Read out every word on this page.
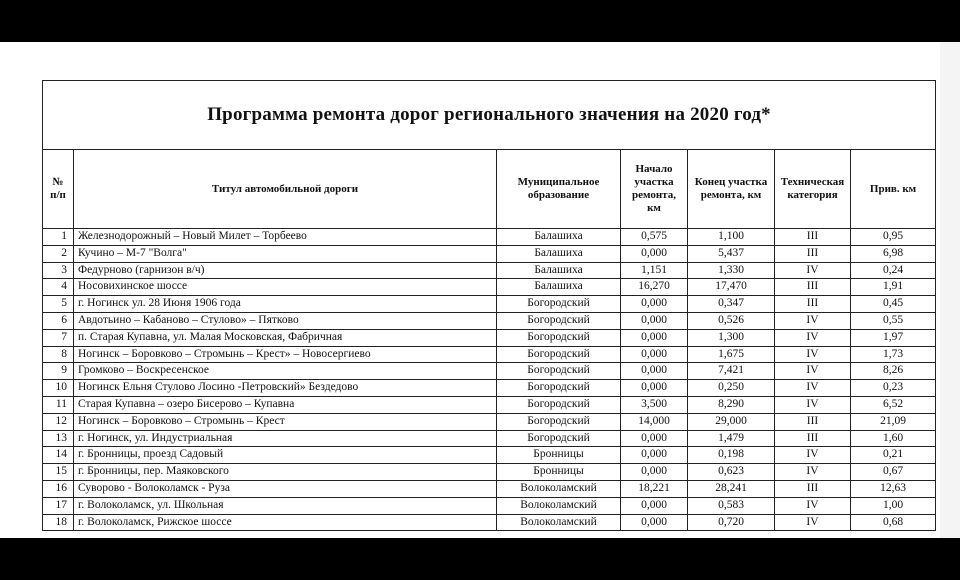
Программа ремонта дорог регионального значения на 2020 год*						
№ п/п	Титул автомобильной дороги	Муниципальное образование	Начало участка ремонта, км	Конец участка ремонта, км	Техническая категория	Прив. км
1	Железнодорожный – Новый Милет – Торбеево	Балашиха	0,575	1,100	III	0,95
2	Кучино – М-7 "Волга"	Балашиха	0,000	5,437	III	6,98
3	Федурново (гарнизон в/ч)	Балашиха	1,151	1,330	IV	0,24
4	Носовихинское шоссе	Балашиха	16,270	17,470	III	1,91
5	г. Ногинск ул. 28 Июня 1906 года	Богородский	0,000	0,347	III	0,45
6	Авдотьино – Кабаново – Стулово» – Пятково	Богородский	0,000	0,526	IV	0,55
7	п. Старая Купавна, ул. Малая Московская, Фабричная	Богородский	0,000	1,300	IV	1,97
8	Ногинск – Боровково – Стромынь – Крест» – Новосергиево	Богородский	0,000	1,675	IV	1,73
9	Громково – Воскресенское	Богородский	0,000	7,421	IV	8,26
10	Ногинск Ельня Стулово Лосино -Петровский» Бездедово	Богородский	0,000	0,250	IV	0,23
11	Старая Купавна – озеро Бисерово – Купавна	Богородский	3,500	8,290	IV	6,52
12	Ногинск – Боровково – Стромынь – Крест	Богородский	14,000	29,000	III	21,09
13	г. Ногинск, ул. Индустриальная	Богородский	0,000	1,479	III	1,60
14	г. Бронницы, проезд Садовый	Бронницы	0,000	0,198	IV	0,21
15	г. Бронницы, пер. Маяковского	Бронницы	0,000	0,623	IV	0,67
16	Суворово - Волоколамск - Руза	Волоколамский	18,221	28,241	III	12,63
17	г. Волоколамск, ул. Школьная	Волоколамский	0,000	0,583	IV	1,00
18	г. Волоколамск, Рижское шоссе	Волоколамский	0,000	0,720	IV	0,68
